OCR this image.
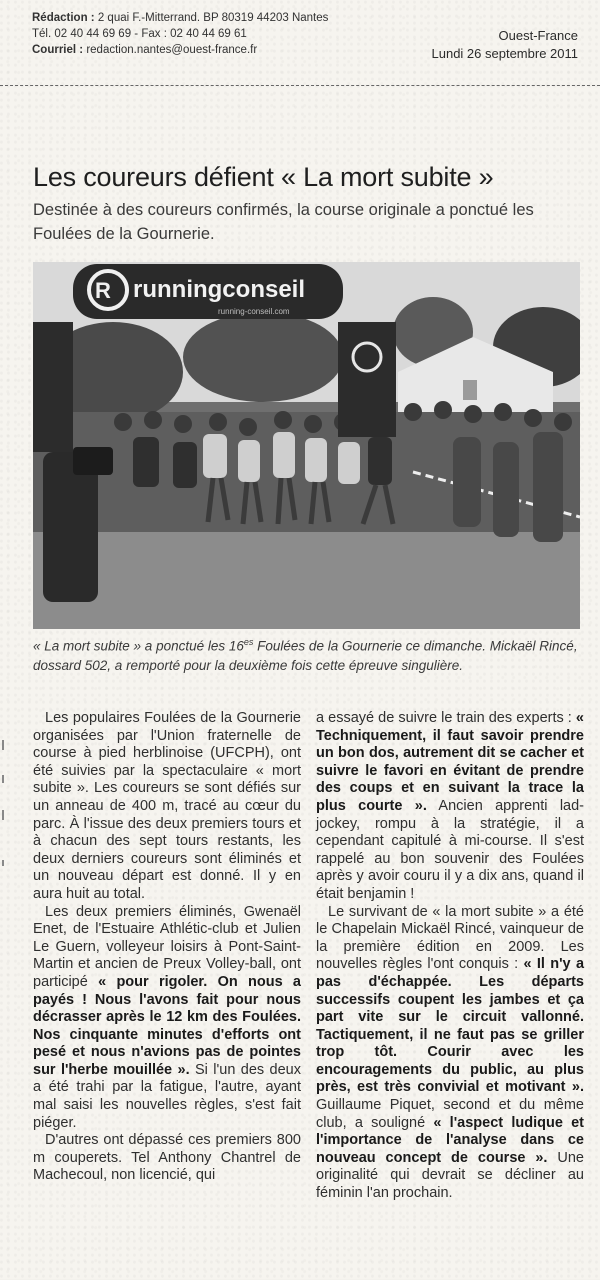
Rédaction : 2 quai F.-Mitterrand. BP 80319 44203 Nantes
Tél. 02 40 44 69 69 - Fax : 02 40 44 69 61
Courriel : redaction.nantes@ouest-france.fr
Ouest-France
Lundi 26 septembre 2011
Les coureurs défient « La mort subite »
Destinée à des coureurs confirmés, la course originale a ponctué les Foulées de la Gournerie.
R runningconseil
running-conseil.com
« La mort subite » a ponctué les $16^{es}$ Foulées de la Gournerie ce dimanche. Mickaël Rincé, dossard 502, a remporté pour la deuxième fois cette épreuve singulière.

Les populaires Foulées de la Gournerie organisées par l'Union fraternelle de course à pied herblinoise (UFCPH), ont été suivies par la spectaculaire « mort subite ». Les coureurs se sont défiés sur un anneau de 400 m, tracé au cœur du parc. À l'issue des deux premiers tours et à chacun des sept tours restants, les deux derniers coureurs sont éliminés et un nouveau départ est donné. Il y en aura huit au total.

Les deux premiers éliminés, Gwenaël Enet, de l'Estuaire Athlétic-club et Julien Le Guern, volleyeur loisirs à Pont-Saint-Martin et ancien de Preux Volley-ball, ont participé « pour rigoler. On nous a payés ! Nous l'avons fait pour nous décrasser après le 12 km des Foulées. Nos cinquante minutes d'efforts ont pesé et nous n'avions pas de pointes sur l'herbe mouillée ». Si l'un des deux a été trahi par la fatigue, l'autre, ayant mal saisi les nouvelles règles, s'est fait piéger.

D'autres ont dépassé ces premiers 800 m couperets. Tel Anthony Chantrel de Machecoul, non licencié, qui

a essayé de suivre le train des experts : « Techniquement, il faut savoir prendre un bon dos, autrement dit se cacher et suivre le favori en évitant de prendre des coups et en suivant la trace la plus courte ». Ancien apprenti lad-jockey, rompu à la stratégie, il a cependant capitulé à mi-course. Il s'est rappelé au bon souvenir des Foulées après y avoir couru il y a dix ans, quand il était benjamin !

Le survivant de « la mort subite » a été le Chapelain Mickaël Rincé, vainqueur de la première édition en 2009. Les nouvelles règles l'ont conquis : « Il n'y a pas d'échappée. Les départs successifs coupent les jambes et ça part vite sur le circuit vallonné. Tactiquement, il ne faut pas se griller trop tôt. Courir avec les encouragements du public, au plus près, est très convivial et motivant ». Guillaume Piquet, second et du même club, a souligné « l'aspect ludique et l'importance de l'analyse dans ce nouveau concept de course ». Une originalité qui devrait se décliner au féminin l'an prochain.
